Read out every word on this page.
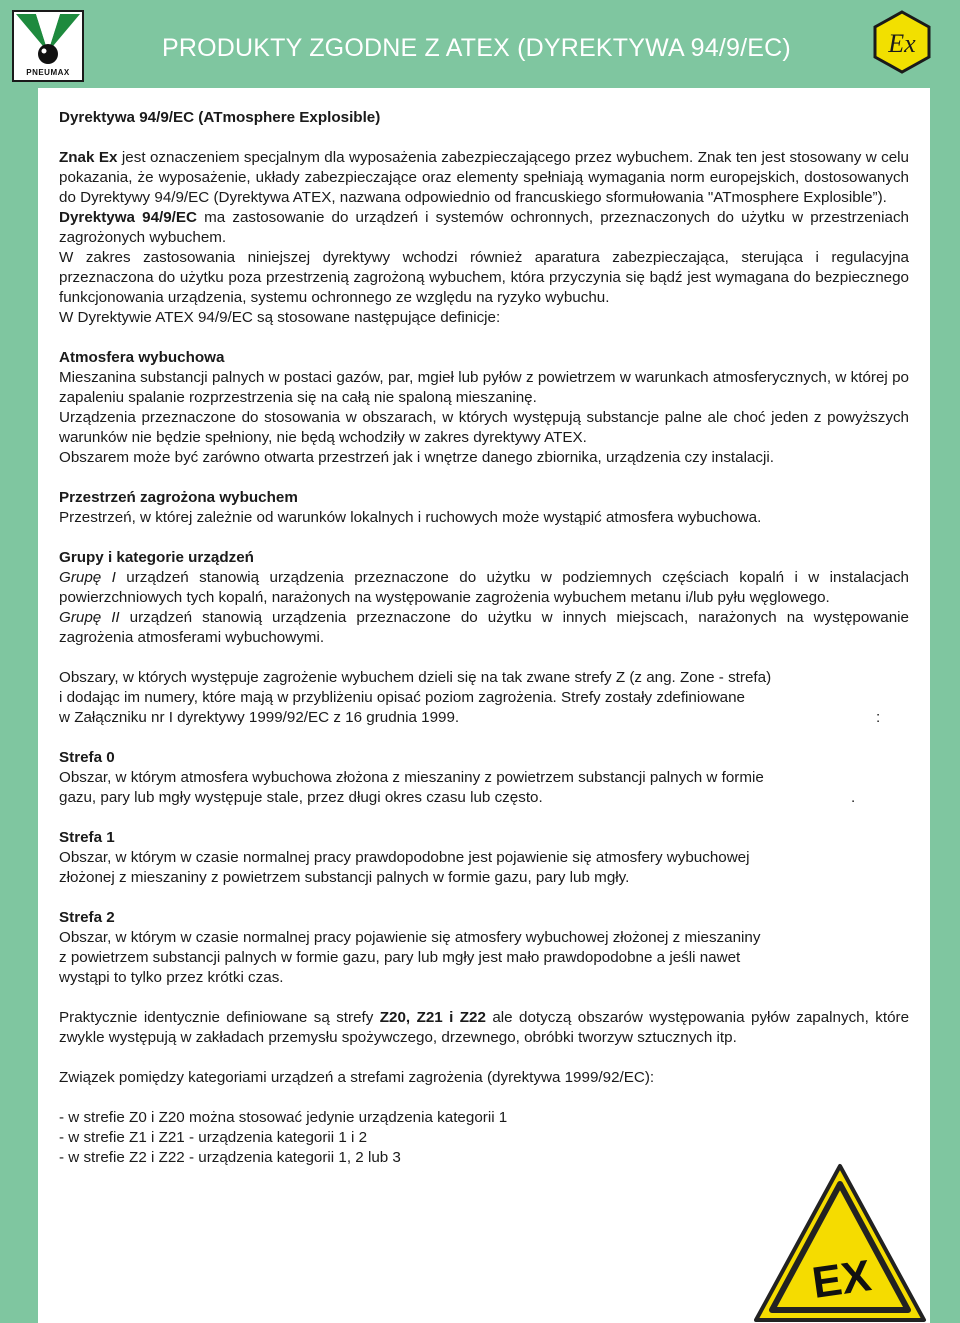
PNEUMAX
PRODUKTY ZGODNE Z ATEX (DYREKTYWA 94/9/EC)	Ex

Dyrektywa 94/9/EC (ATmosphere Explosible)

Znak Ex jest oznaczeniem specjalnym dla wyposażenia zabezpieczającego przez wybuchem. Znak ten jest stosowany w celu pokazania, że wyposażenie, układy zabezpieczające oraz elementy spełniają wymagania norm europejskich, dostosowanych do Dyrektywy 94/9/EC (Dyrektywa ATEX, nazwana odpowiednio od francuskiego sformułowania "ATmosphere Explosible”).

Dyrektywa 94/9/EC ma zastosowanie do urządzeń i systemów ochronnych, przeznaczonych do użytku w przestrzeniach zagrożonych wybuchem.

W zakres zastosowania niniejszej dyrektywy wchodzi również aparatura zabezpieczająca, sterująca i regulacyjna przeznaczona do użytku poza przestrzenią zagrożoną wybuchem, która przyczynia się bądź jest wymagana do bezpiecznego funkcjonowania urządzenia, systemu ochronnego ze względu na ryzyko wybuchu.

W Dyrektywie ATEX 94/9/EC są stosowane następujące definicje:

Atmosfera wybuchowa

Mieszanina substancji palnych w postaci gazów, par, mgieł lub pyłów z powietrzem w warunkach atmosferycznych, w której po zapaleniu spalanie rozprzestrzenia się na całą nie spaloną mieszaninę.

Urządzenia przeznaczone do stosowania w obszarach, w których występują substancje palne ale choć jeden z powyższych warunków nie będzie spełniony, nie będą wchodziły w zakres dyrektywy ATEX.

Obszarem może być zarówno otwarta przestrzeń jak i wnętrze danego zbiornika, urządzenia czy instalacji.

Przestrzeń zagrożona wybuchem

Przestrzeń, w której zależnie od warunków lokalnych i ruchowych może wystąpić atmosfera wybuchowa.

Grupy i kategorie urządzeń

Grupę I urządzeń stanowią urządzenia przeznaczone do użytku w podziemnych częściach kopalń i w instalacjach powierzchniowych tych kopalń, narażonych na występowanie zagrożenia wybuchem metanu i/lub pyłu węglowego.

Grupę II urządzeń stanowią urządzenia przeznaczone do użytku w innych miejscach, narażonych na występowanie zagrożenia atmosferami wybuchowymi.

Obszary, w których występuje zagrożenie wybuchem dzieli się na tak zwane strefy Z (z ang. Zone - strefa)
i dodając im numery, które mają w przybliżeniu opisać poziom zagrożenia. Strefy zostały zdefiniowane
w Załączniku nr I dyrektywy 1999/92/EC z 16 grudnia 1999.	:

Strefa 0

Obszar, w którym atmosfera wybuchowa złożona z mieszaniny z powietrzem substancji palnych w formie
gazu, pary lub mgły występuje stale, przez długi okres czasu lub często.	.

Strefa 1

Obszar, w którym w czasie normalnej pracy prawdopodobne jest pojawienie się atmosfery wybuchowej
złożonej z mieszaniny z powietrzem substancji palnych w formie gazu, pary lub mgły.

Strefa 2

Obszar, w którym w czasie normalnej pracy pojawienie się atmosfery wybuchowej złożonej z mieszaniny
z powietrzem substancji palnych w formie gazu, pary lub mgły jest mało prawdopodobne a jeśli nawet
wystąpi to tylko przez krótki czas.

Praktycznie identycznie definiowane są strefy Z20, Z21 i Z22 ale dotyczą obszarów występowania pyłów zapalnych, które zwykle występują w zakładach przemysłu spożywczego, drzewnego, obróbki tworzyw sztucznych itp.

Związek pomiędzy kategoriami urządzeń a strefami zagrożenia (dyrektywa 1999/92/EC):
- w strefie Z0 i Z20 można stosować jedynie urządzenia kategorii 1
- w strefie Z1 i Z21 - urządzenia kategorii 1 i 2
- w strefie Z2 i Z22 - urządzenia kategorii 1, 2 lub 3
EX
